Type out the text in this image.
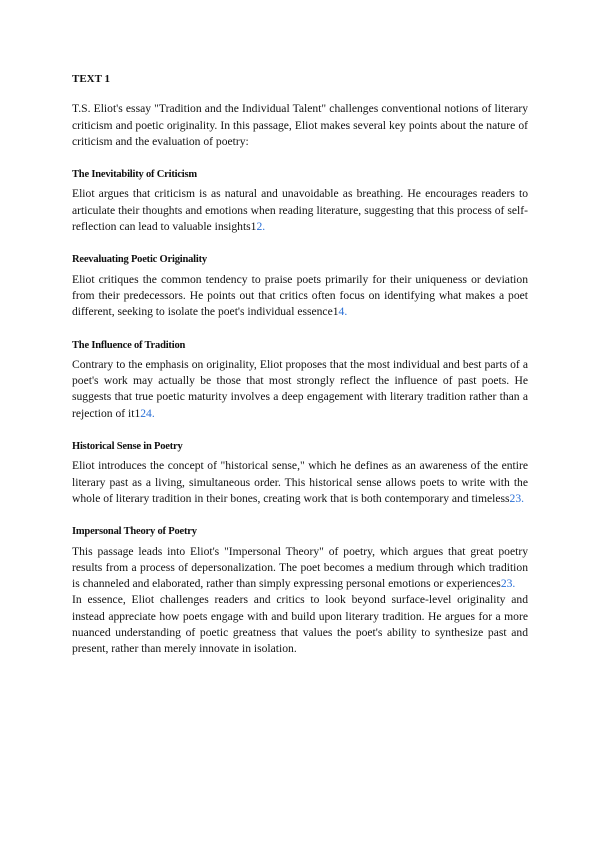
TEXT 1

T.S. Eliot's essay "Tradition and the Individual Talent" challenges conventional notions of literary criticism and poetic originality. In this passage, Eliot makes several key points about the nature of criticism and the evaluation of poetry:

The Inevitability of Criticism

Eliot argues that criticism is as natural and unavoidable as breathing. He encourages readers to articulate their thoughts and emotions when reading literature, suggesting that this process of self-reflection can lead to valuable insights12.

Reevaluating Poetic Originality

Eliot critiques the common tendency to praise poets primarily for their uniqueness or deviation from their predecessors. He points out that critics often focus on identifying what makes a poet different, seeking to isolate the poet's individual essence14.

The Influence of Tradition

Contrary to the emphasis on originality, Eliot proposes that the most individual and best parts of a poet's work may actually be those that most strongly reflect the influence of past poets. He suggests that true poetic maturity involves a deep engagement with literary tradition rather than a rejection of it124.

Historical Sense in Poetry

Eliot introduces the concept of "historical sense," which he defines as an awareness of the entire literary past as a living, simultaneous order. This historical sense allows poets to write with the whole of literary tradition in their bones, creating work that is both contemporary and timeless23.

Impersonal Theory of Poetry

This passage leads into Eliot's "Impersonal Theory" of poetry, which argues that great poetry results from a process of depersonalization. The poet becomes a medium through which tradition is channeled and elaborated, rather than simply expressing personal emotions or experiences23.

In essence, Eliot challenges readers and critics to look beyond surface-level originality and instead appreciate how poets engage with and build upon literary tradition. He argues for a more nuanced understanding of poetic greatness that values the poet's ability to synthesize past and present, rather than merely innovate in isolation.
